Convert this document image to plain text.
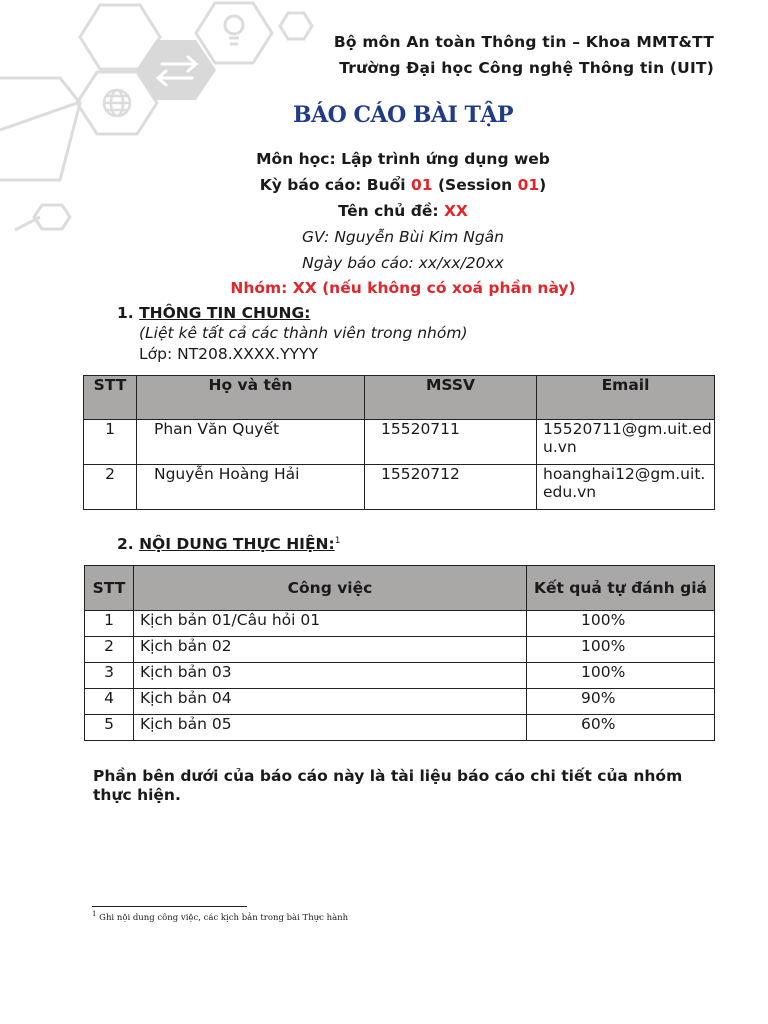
Bộ môn An toàn Thông tin – Khoa MMT&TT
Trường Đại học Công nghệ Thông tin (UIT)
BÁO CÁO BÀI TẬP
Môn học: Lập trình ứng dụng web
Kỳ báo cáo: Buổi 01 (Session 01)
Tên chủ đề: XX
GV: Nguyễn Bùi Kim Ngân
Ngày báo cáo: xx/xx/20xx
Nhóm: XX (nếu không có xoá phần này)
1. THÔNG TIN CHUNG:
(Liệt kê tất cả các thành viên trong nhóm)
Lớp: NT208.XXXX.YYYY
STT	Họ và tên	MSSV	Email
1	Phan Văn Quyết	15520711	15520711@gm.uit.edu.vn
2	Nguyễn Hoàng Hải	15520712	hoanghai12@gm.uit.edu.vn
2. NỘI DUNG THỰC HIỆN:$^1$
STT	Công việc	Kết quả tự đánh giá
1	Kịch bản 01/Câu hỏi 01	100%
2	Kịch bản 02	100%
3	Kịch bản 03	100%
4	Kịch bản 04	90%
5	Kịch bản 05	60%
Phần bên dưới của báo cáo này là tài liệu báo cáo chi tiết của nhóm thực hiện.
$^1$ Ghi nội dung công việc, các kịch bản trong bài Thực hành
